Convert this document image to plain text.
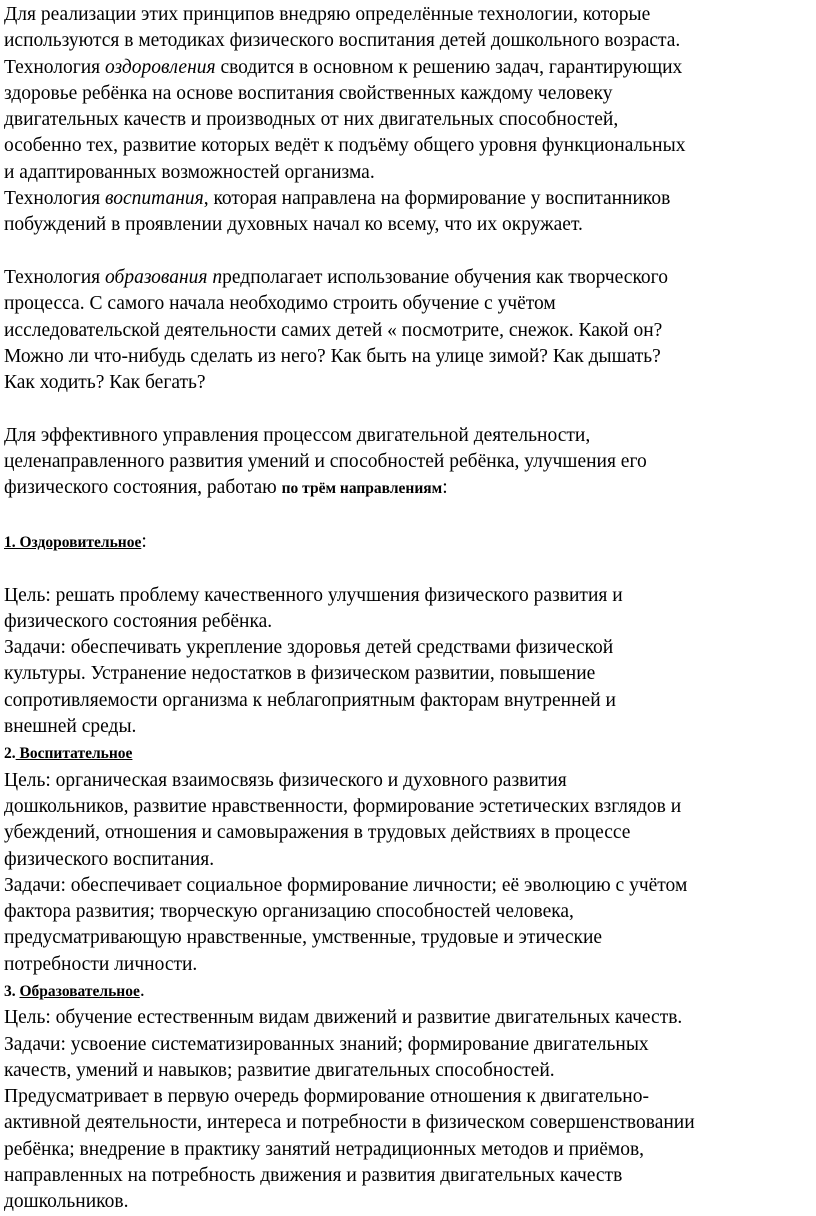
Для реализации этих принципов внедряю определённые технологии, которые
используются в методиках физического воспитания детей дошкольного возраста.
Технология оздоровления сводится в основном к решению задач, гарантирующих
здоровье ребёнка на основе воспитания свойственных каждому человеку
двигательных качеств и производных от них двигательных способностей,
особенно тех, развитие которых ведёт к подъёму общего уровня функциональных
и адаптированных возможностей организма.
Технология воспитания, которая направлена на формирование у воспитанников
побуждений в проявлении духовных начал ко всему, что их окружает.
Технология образования предполагает использование обучения как творческого
процесса. С самого начала необходимо строить обучение с учётом
исследовательской деятельности самих детей « посмотрите, снежок. Какой он?
Можно ли что-нибудь сделать из него? Как быть на улице зимой? Как дышать?
Как ходить? Как бегать?
Для эффективного управления процессом двигательной деятельности,
целенаправленного развития умений и способностей ребёнка, улучшения его
физического состояния, работаю по трём направлениям:
1. Оздоровительное:
Цель: решать проблему качественного улучшения физического развития и
физического состояния ребёнка.
Задачи: обеспечивать укрепление здоровья детей средствами физической
культуры. Устранение недостатков в физическом развитии, повышение
сопротивляемости организма к неблагоприятным факторам внутренней и
внешней среды.
2. Воспитательное
Цель: органическая взаимосвязь физического и духовного развития
дошкольников, развитие нравственности, формирование эстетических взглядов и
убеждений, отношения и самовыражения в трудовых действиях в процессе
физического воспитания.
Задачи: обеспечивает социальное формирование личности; её эволюцию с учётом
фактора развития; творческую организацию способностей человека,
предусматривающую нравственные, умственные, трудовые и этические
потребности личности.
3. Образовательное.
Цель: обучение естественным видам движений и развитие двигательных качеств.
Задачи: усвоение систематизированных знаний; формирование двигательных
качеств, умений и навыков; развитие двигательных способностей.
Предусматривает в первую очередь формирование отношения к двигательно-
активной деятельности, интереса и потребности в физическом совершенствовании
ребёнка; внедрение в практику занятий нетрадиционных методов и приёмов,
направленных на потребность движения и развития двигательных качеств
дошкольников.
